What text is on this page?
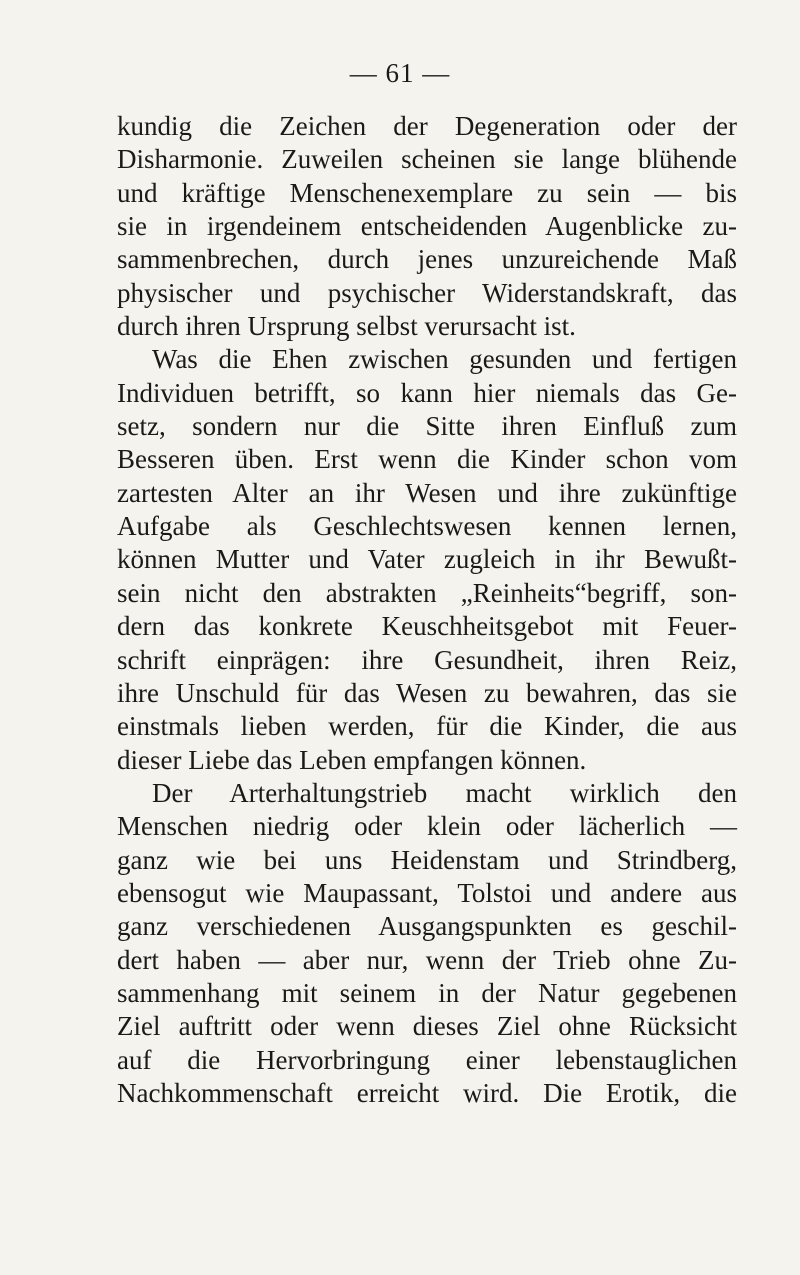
— 61 —
kundig die Zeichen der Degeneration oder der
Disharmonie. Zuweilen scheinen sie lange blühende
und kräftige Menschenexemplare zu sein — bis
sie in irgendeinem entscheidenden Augenblicke zu-
sammenbrechen, durch jenes unzureichende Maß
physischer und psychischer Widerstandskraft, das
durch ihren Ursprung selbst verursacht ist.
Was die Ehen zwischen gesunden und fertigen
Individuen betrifft, so kann hier niemals das Ge-
setz, sondern nur die Sitte ihren Einfluß zum
Besseren üben. Erst wenn die Kinder schon vom
zartesten Alter an ihr Wesen und ihre zukünftige
Aufgabe als Geschlechtswesen kennen lernen,
können Mutter und Vater zugleich in ihr Bewußt-
sein nicht den abstrakten „Reinheits“begriff, son-
dern das konkrete Keuschheitsgebot mit Feuer-
schrift einprägen: ihre Gesundheit, ihren Reiz,
ihre Unschuld für das Wesen zu bewahren, das sie
einstmals lieben werden, für die Kinder, die aus
dieser Liebe das Leben empfangen können.
Der Arterhaltungstrieb macht wirklich den
Menschen niedrig oder klein oder lächerlich —
ganz wie bei uns Heidenstam und Strindberg,
ebensogut wie Maupassant, Tolstoi und andere aus
ganz verschiedenen Ausgangspunkten es geschil-
dert haben — aber nur, wenn der Trieb ohne Zu-
sammenhang mit seinem in der Natur gegebenen
Ziel auftritt oder wenn dieses Ziel ohne Rücksicht
auf die Hervorbringung einer lebenstauglichen
Nachkommenschaft erreicht wird. Die Erotik, die
